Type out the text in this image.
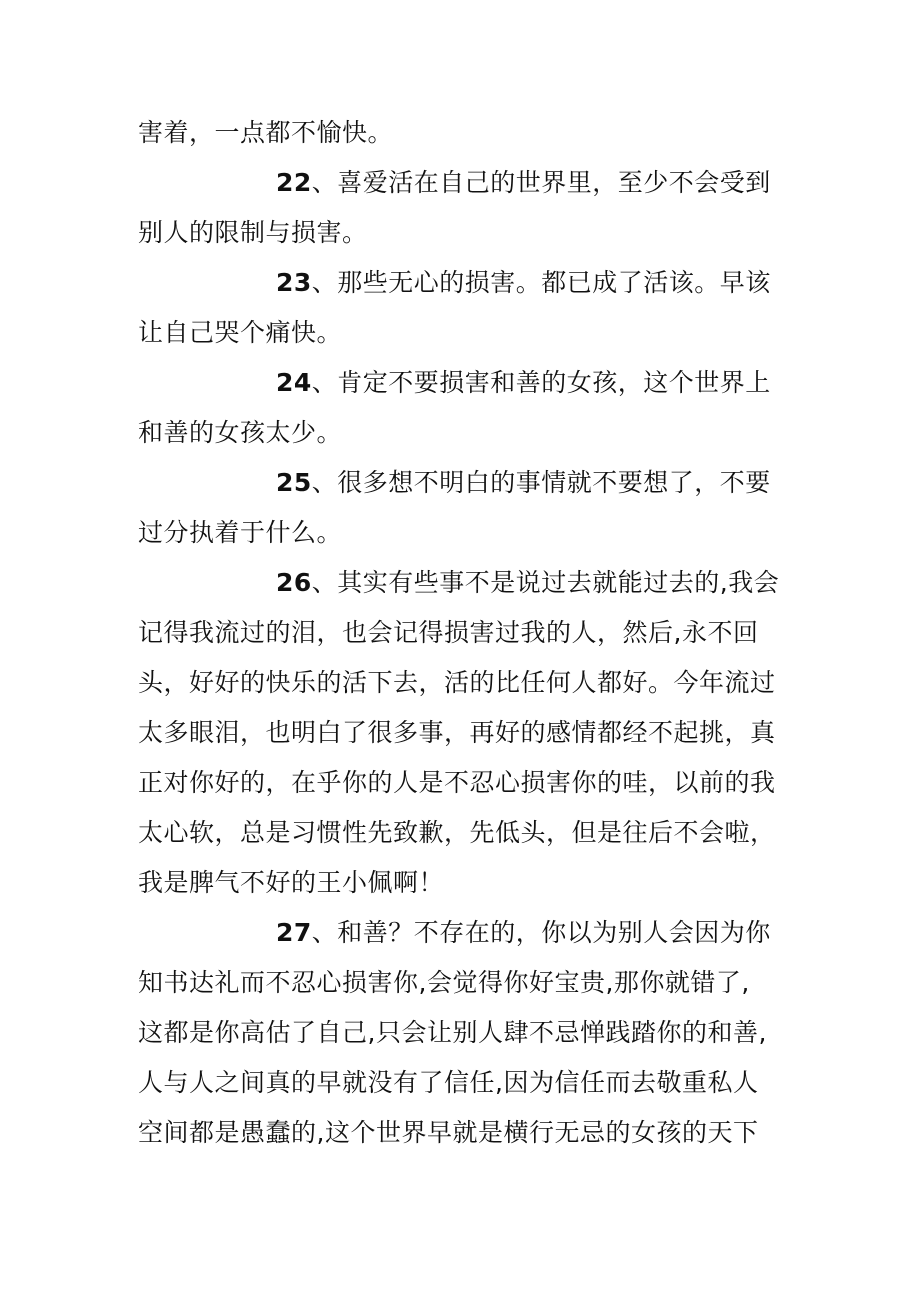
害着，一点都不愉快。
22、喜爱活在自己的世界里，至少不会受到
别人的限制与损害。
23、那些无心的损害。都已成了活该。早该
让自己哭个痛快。
24、肯定不要损害和善的女孩，这个世界上
和善的女孩太少。
25、很多想不明白的事情就不要想了，不要
过分执着于什么。
26、其实有些事不是说过去就能过去的,我会
记得我流过的泪，也会记得损害过我的人，然后,永不回
头，好好的快乐的活下去，活的比任何人都好。今年流过
太多眼泪，也明白了很多事，再好的感情都经不起挑，真
正对你好的，在乎你的人是不忍心损害你的哇，以前的我
太心软，总是习惯性先致歉，先低头，但是往后不会啦，
我是脾气不好的王小佩啊！
27、和善？不存在的，你以为别人会因为你
知书达礼而不忍心损害你,会觉得你好宝贵,那你就错了,
这都是你高估了自己,只会让别人肆不忌惮践踏你的和善,
人与人之间真的早就没有了信任,因为信任而去敬重私人
空间都是愚蠢的,这个世界早就是横行无忌的女孩的天下
